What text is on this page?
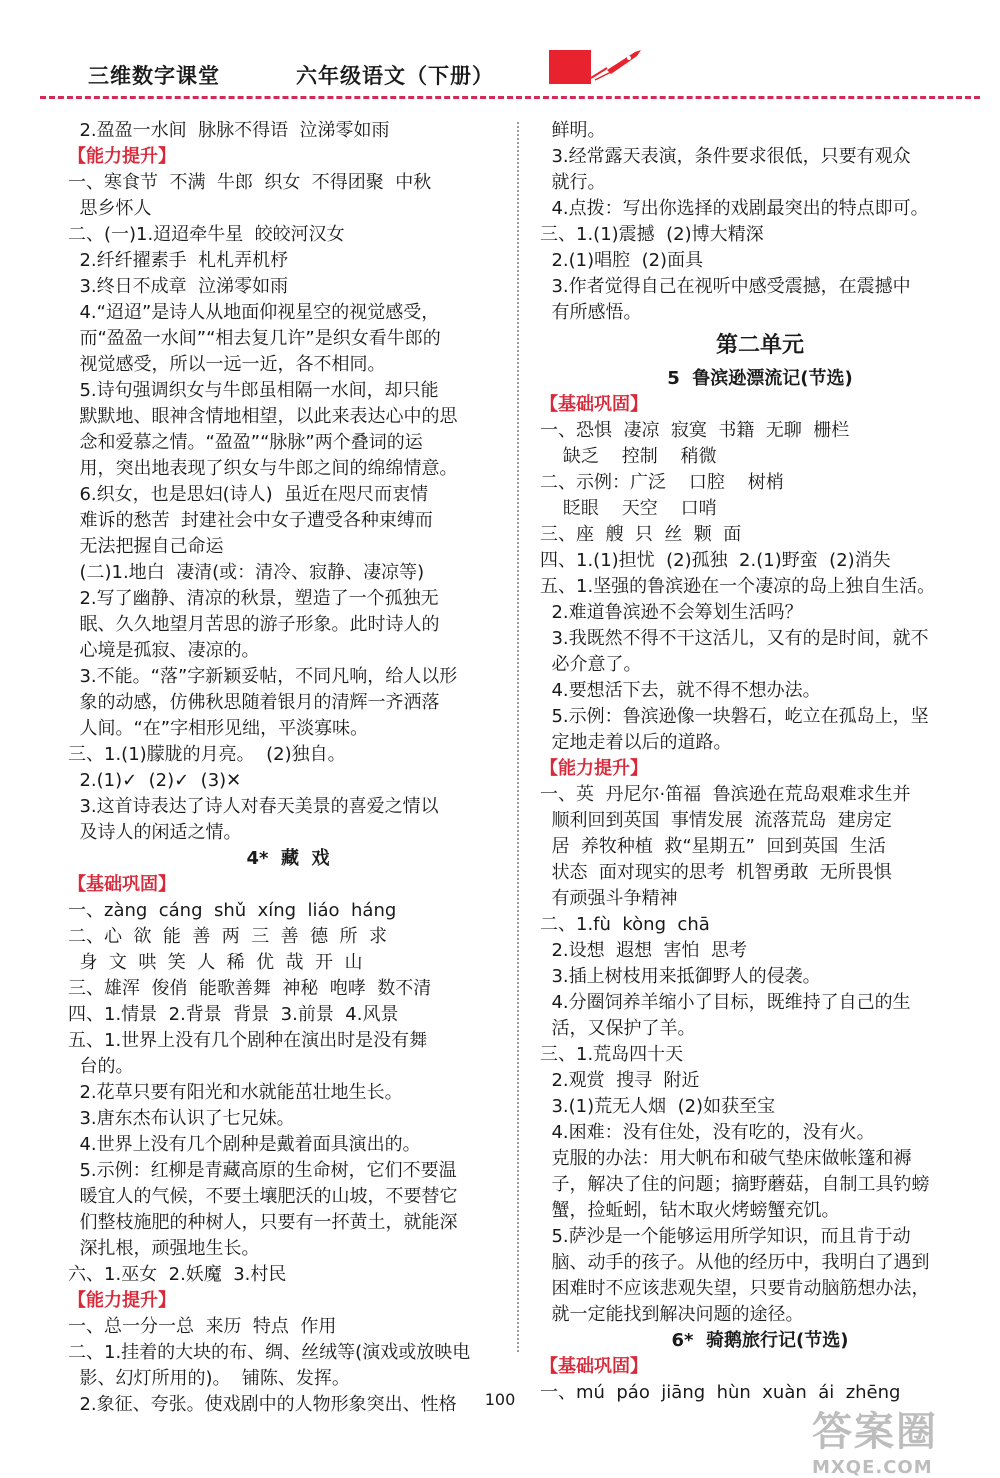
三维数字课堂	六年级语文（下册）
2.盈盈一水间  脉脉不得语  泣涕零如雨
【能力提升】
一、寒食节  不满  牛郎  织女  不得团聚  中秋
思乡怀人
二、(一)1.迢迢牵牛星  皎皎河汉女
2.纤纤擢素手  札札弄机杼
3.终日不成章  泣涕零如雨
4.“迢迢”是诗人从地面仰视星空的视觉感受，
而“盈盈一水间”“相去复几许”是织女看牛郎的
视觉感受，所以一远一近，各不相同。
5.诗句强调织女与牛郎虽相隔一水间，却只能
默默地、眼神含情地相望，以此来表达心中的思
念和爱慕之情。“盈盈”“脉脉”两个叠词的运
用，突出地表现了织女与牛郎之间的绵绵情意。
6.织女，也是思妇(诗人)  虽近在咫尺而衷情
难诉的愁苦  封建社会中女子遭受各种束缚而
无法把握自己命运
(二)1.地白  凄清(或：清冷、寂静、凄凉等)
2.写了幽静、清凉的秋景，塑造了一个孤独无
眠、久久地望月苦思的游子形象。此时诗人的
心境是孤寂、凄凉的。
3.不能。“落”字新颖妥帖，不同凡响，给人以形
象的动感，仿佛秋思随着银月的清辉一齐洒落
人间。“在”字相形见绌，平淡寡味。
三、1.(1)朦胧的月亮。  (2)独自。
2.(1)✓  (2)✓  (3)✕
3.这首诗表达了诗人对春天美景的喜爱之情以
及诗人的闲适之情。
4*  藏  戏
【基础巩固】
一、zàng  cáng  shǔ  xíng  liáo  háng
二、心  欲  能  善  两  三  善  德  所  求
身  文  哄  笑  人  稀  优  哉  开  山
三、雄浑  俊俏  能歌善舞  神秘  咆哮  数不清
四、1.情景  2.背景  背景  3.前景  4.风景
五、1.世界上没有几个剧种在演出时是没有舞
台的。
2.花草只要有阳光和水就能茁壮地生长。
3.唐东杰布认识了七兄妹。
4.世界上没有几个剧种是戴着面具演出的。
5.示例：红柳是青藏高原的生命树，它们不要温
暖宜人的气候，不要土壤肥沃的山坡，不要替它
们整枝施肥的种树人，只要有一抔黄土，就能深
深扎根，顽强地生长。
六、1.巫女  2.妖魔  3.村民
【能力提升】
一、总一分一总  来历  特点  作用
二、1.挂着的大块的布、绸、丝绒等(演戏或放映电
影、幻灯所用的)。  铺陈、发挥。
2.象征、夸张。使戏剧中的人物形象突出、性格
鲜明。
3.经常露天表演，条件要求很低，只要有观众
就行。
4.点拨：写出你选择的戏剧最突出的特点即可。
三、1.(1)震撼  (2)博大精深
2.(1)唱腔  (2)面具
3.作者觉得自己在视听中感受震撼，在震撼中
有所感悟。
第二单元
5  鲁滨逊漂流记(节选)
【基础巩固】
一、恐惧  凄凉  寂寞  书籍  无聊  栅栏
缺乏    控制    稍微
二、示例：广泛    口腔    树梢
眨眼    天空    口哨
三、座  艘  只  丝  颗  面
四、1.(1)担忧  (2)孤独  2.(1)野蛮  (2)消失
五、1.坚强的鲁滨逊在一个凄凉的岛上独自生活。
2.难道鲁滨逊不会筹划生活吗？
3.我既然不得不干这活儿，又有的是时间，就不
必介意了。
4.要想活下去，就不得不想办法。
5.示例：鲁滨逊像一块磐石，屹立在孤岛上，坚
定地走着以后的道路。
【能力提升】
一、英  丹尼尔·笛福  鲁滨逊在荒岛艰难求生并
顺利回到英国  事情发展  流落荒岛  建房定
居  养牧种植  救“星期五”  回到英国  生活
状态  面对现实的思考  机智勇敢  无所畏惧
有顽强斗争精神
二、1.fù  kòng  chā
2.设想  遐想  害怕  思考
3.插上树枝用来抵御野人的侵袭。
4.分圈饲养羊缩小了目标，既维持了自己的生
活，又保护了羊。
三、1.荒岛四十天
2.观赏  搜寻  附近
3.(1)荒无人烟  (2)如获至宝
4.困难：没有住处，没有吃的，没有火。
克服的办法：用大帆布和破气垫床做帐篷和褥
子，解决了住的问题；摘野蘑菇，自制工具钓螃
蟹，捡蚯蚓，钻木取火烤螃蟹充饥。
5.萨沙是一个能够运用所学知识，而且肯于动
脑、动手的孩子。从他的经历中，我明白了遇到
困难时不应该悲观失望，只要肯动脑筋想办法，
就一定能找到解决问题的途径。
6*  骑鹅旅行记(节选)
【基础巩固】
一、mú  páo  jiāng  hùn  xuàn  ái  zhēng
100
答案圈
MXQE.COM
